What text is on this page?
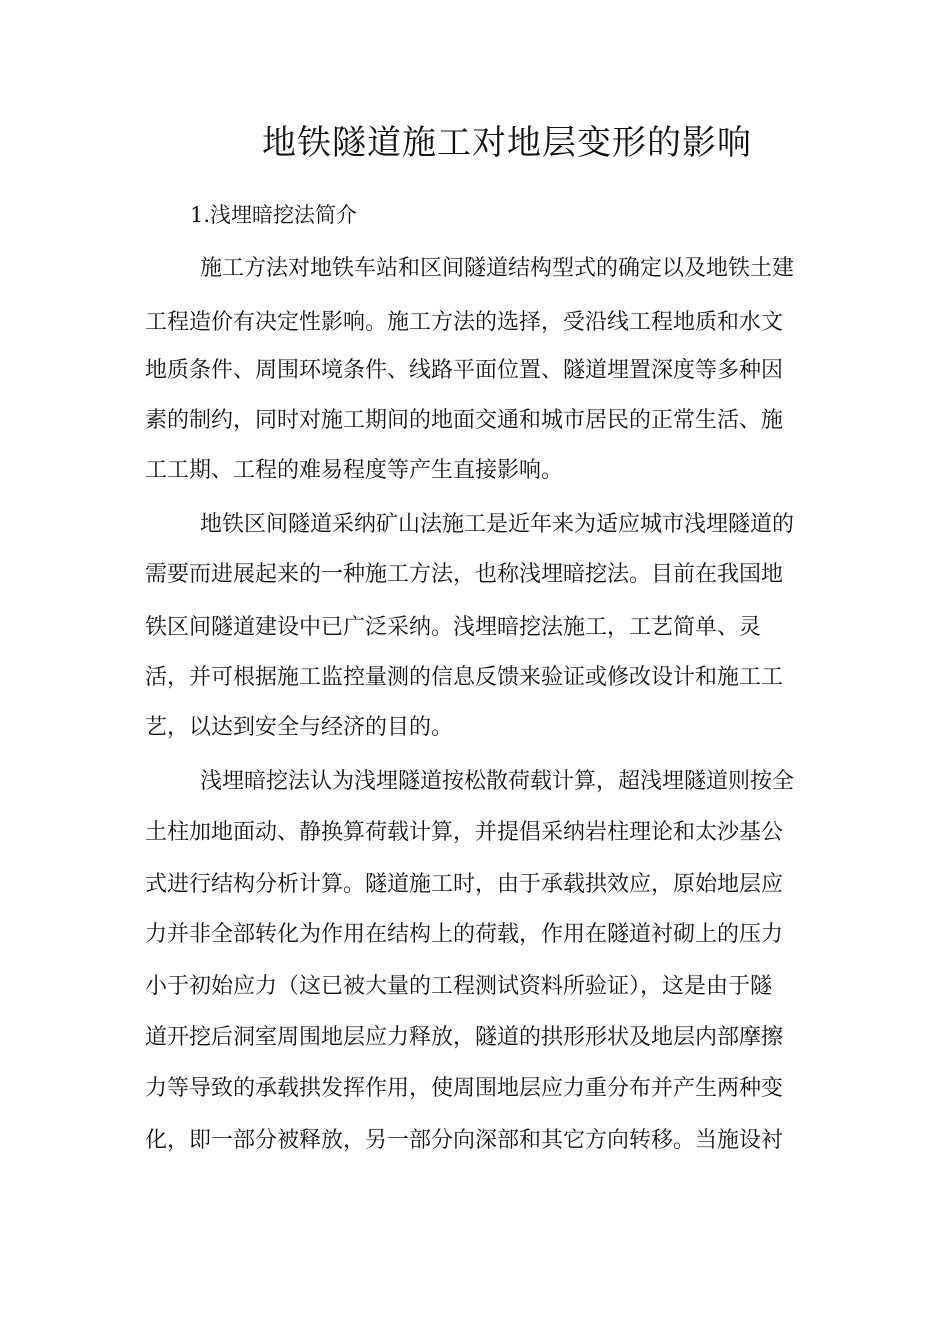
地铁隧道施工对地层变形的影响
1.浅埋暗挖法简介

施工方法对地铁车站和区间隧道结构型式的确定以及地铁土建

工程造价有决定性影响。施工方法的选择，受沿线工程地质和水文

地质条件、周围环境条件、线路平面位置、隧道埋置深度等多种因

素的制约，同时对施工期间的地面交通和城市居民的正常生活、施

工工期、工程的难易程度等产生直接影响。

地铁区间隧道采纳矿山法施工是近年来为适应城市浅埋隧道的

需要而进展起来的一种施工方法，也称浅埋暗挖法。目前在我国地

铁区间隧道建设中已广泛采纳。浅埋暗挖法施工，工艺简单、灵

活，并可根据施工监控量测的信息反馈来验证或修改设计和施工工

艺，以达到安全与经济的目的。

浅埋暗挖法认为浅埋隧道按松散荷载计算，超浅埋隧道则按全

土柱加地面动、静换算荷载计算，并提倡采纳岩柱理论和太沙基公

式进行结构分析计算。隧道施工时，由于承载拱效应，原始地层应

力并非全部转化为作用在结构上的荷载，作用在隧道衬砌上的压力

小于初始应力（这已被大量的工程测试资料所验证），这是由于隧

道开挖后洞室周围地层应力释放，隧道的拱形形状及地层内部摩擦

力等导致的承载拱发挥作用，使周围地层应力重分布并产生两种变

化，即一部分被释放，另一部分向深部和其它方向转移。当施设衬
